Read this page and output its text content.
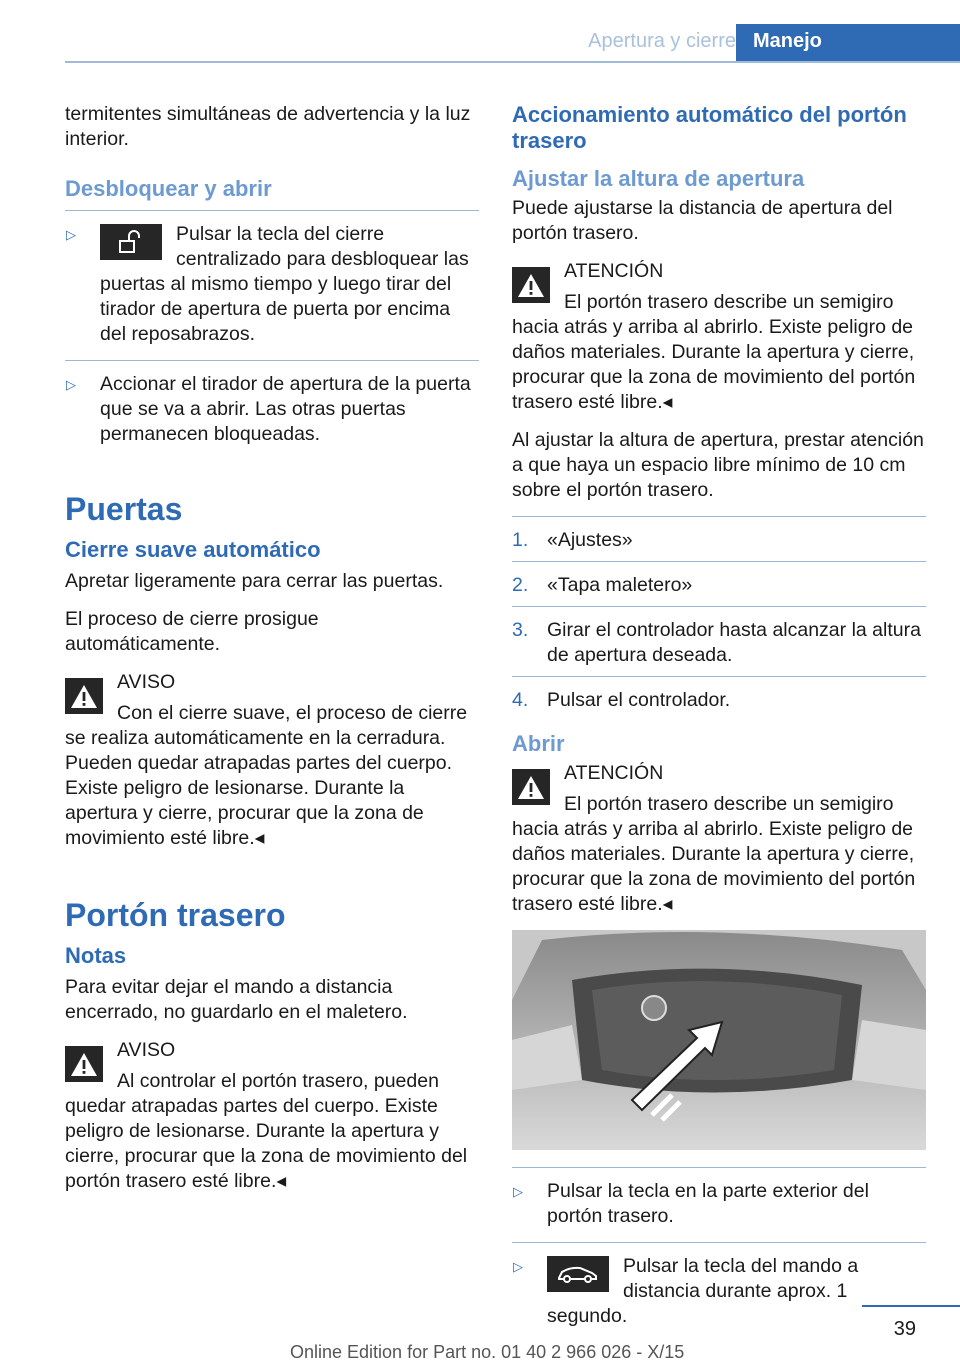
Apertura y cierre Manejo

termitentes simultáneas de advertencia y la luz interior.

Desbloquear y abrir
▷	Pulsar la tecla del cierre centralizado para desbloquear las puertas al mismo tiempo y luego tirar del tirador de apertura de puerta por encima del reposabrazos.
▷ Accionar el tirador de apertura de la puerta que se va a abrir. Las otras puertas permanecen bloqueadas.
Puertas
Cierre suave automático

Apretar ligeramente para cerrar las puertas.

El proceso de cierre prosigue automáticamente.

AVISO
Con el cierre suave, el proceso de cierre se realiza automáticamente en la cerradura. Pueden quedar atrapadas partes del cuerpo. Existe peligro de lesionarse. Durante la apertura y cierre, procurar que la zona de movimiento esté libre.◂
Portón trasero
Notas

Para evitar dejar el mando a distancia encerrado, no guardarlo en el maletero.

AVISO
Al controlar el portón trasero, pueden quedar atrapadas partes del cuerpo. Existe peligro de lesionarse. Durante la apertura y cierre, procurar que la zona de movimiento del portón trasero esté libre.◂
Accionamiento automático del portón trasero
Ajustar la altura de apertura

Puede ajustarse la distancia de apertura del portón trasero.

ATENCIÓN
El portón trasero describe un semigiro hacia atrás y arriba al abrirlo. Existe peligro de daños materiales. Durante la apertura y cierre, procurar que la zona de movimiento del portón trasero esté libre.◂

Al ajustar la altura de apertura, prestar atención a que haya un espacio libre mínimo de 10 cm sobre el portón trasero.

1. «Ajustes»
2. «Tapa maletero»
3. Girar el controlador hasta alcanzar la altura de apertura deseada.
4. Pulsar el controlador.
Abrir
ATENCIÓN
El portón trasero describe un semigiro hacia atrás y arriba al abrirlo. Existe peligro de daños materiales. Durante la apertura y cierre, procurar que la zona de movimiento del portón trasero esté libre.◂
▷ Pulsar la tecla en la parte exterior del portón trasero.
▷	Pulsar la tecla del mando a distancia durante aprox. 1 segundo.
39
Online Edition for Part no. 01 40 2 966 026 - X/15
